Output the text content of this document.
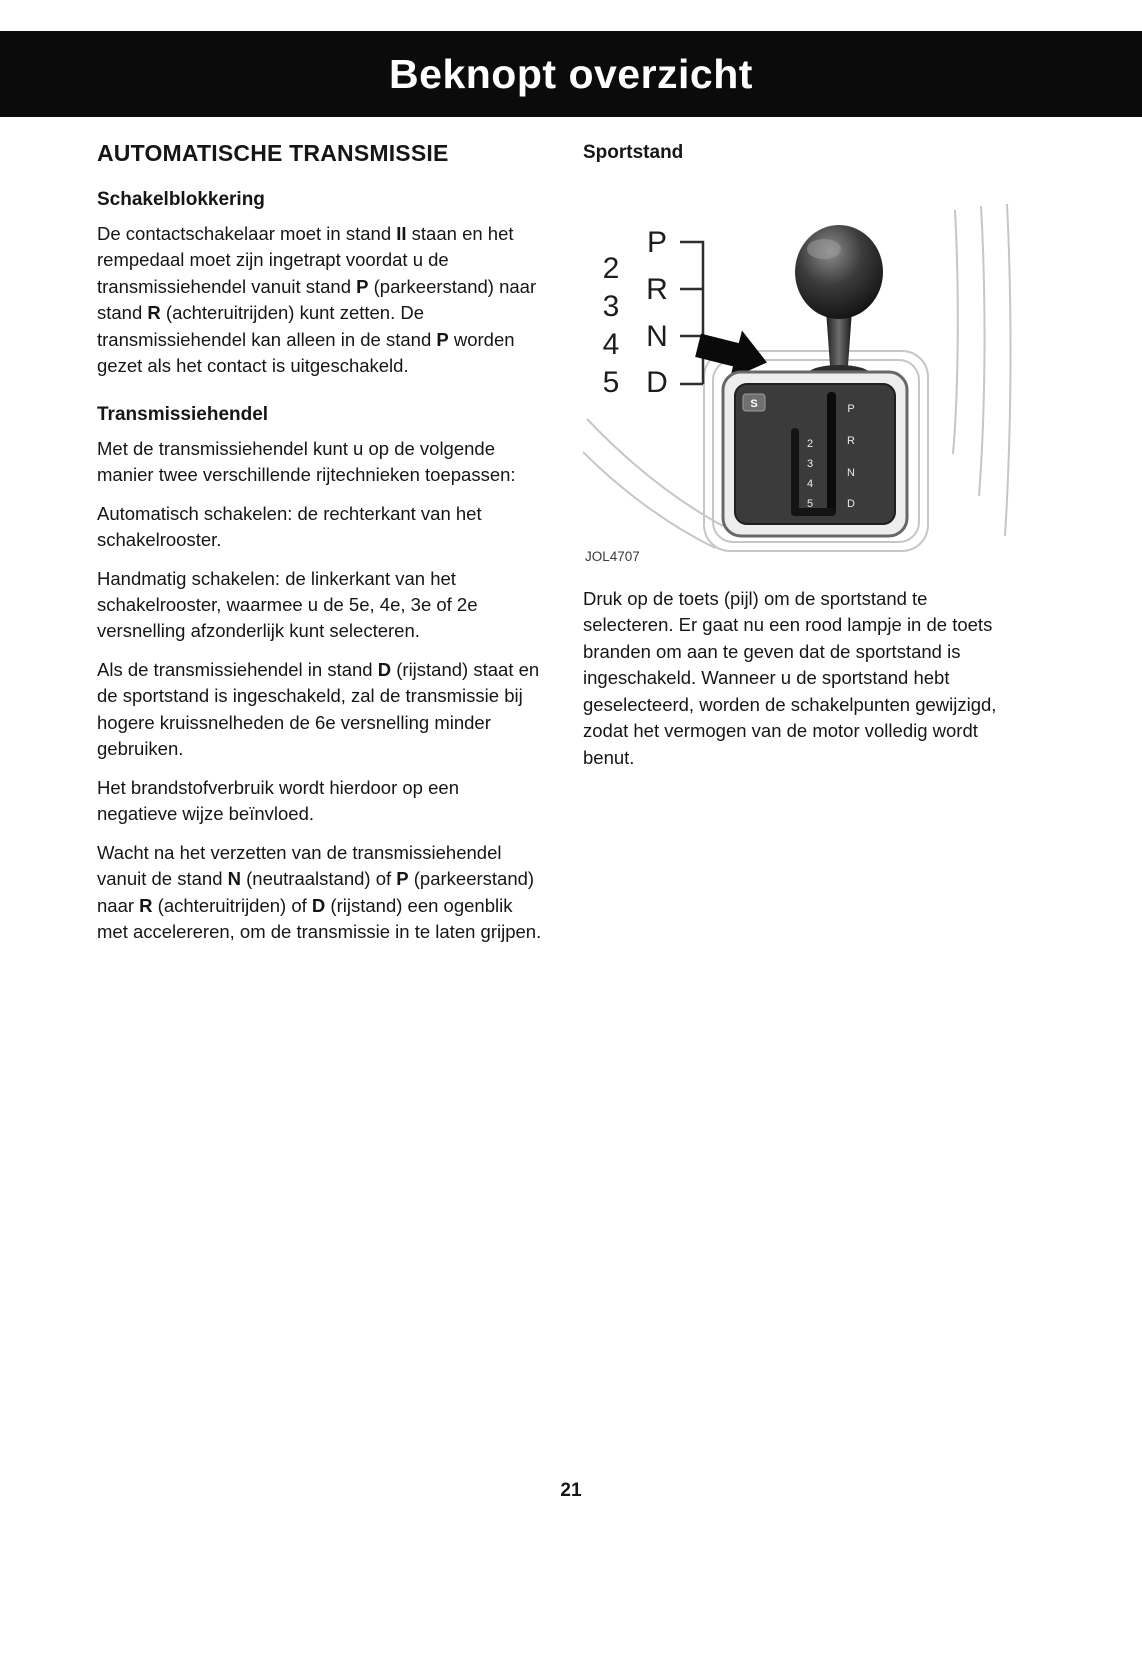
Beknopt overzicht
AUTOMATISCHE TRANSMISSIE
Schakelblokkering

De contactschakelaar moet in stand II staan en het rempedaal moet zijn ingetrapt voordat u de transmissiehendel vanuit stand P (parkeerstand) naar stand R (achteruitrijden) kunt zetten. De transmissiehendel kan alleen in de stand P worden gezet als het contact is uitgeschakeld.

Transmissiehendel

Met de transmissiehendel kunt u op de volgende manier twee verschillende rijtechnieken toepassen:

Automatisch schakelen: de rechterkant van het schakelrooster.

Handmatig schakelen: de linkerkant van het schakelrooster, waarmee u de 5e, 4e, 3e of 2e versnelling afzonderlijk kunt selecteren.

Als de transmissiehendel in stand D (rijstand) staat en de sportstand is ingeschakeld, zal de transmissie bij hogere kruissnelheden de 6e versnelling minder gebruiken.

Het brandstofverbruik wordt hierdoor op een negatieve wijze beïnvloed.

Wacht na het verzetten van de transmissiehendel vanuit de stand N (neutraalstand) of P (parkeerstand) naar R (achteruitrijden) of D (rijstand) een ogenblik met accelereren, om de transmissie in te laten grijpen.

Sportstand
2
3
4
5
P
R
N
D
S
2
3
4
5
P
R
N
D
JOL4707

Druk op de toets (pijl) om de sportstand te selecteren. Er gaat nu een rood lampje in de toets branden om aan te geven dat de sportstand is ingeschakeld. Wanneer u de sportstand hebt geselecteerd, worden de schakelpunten gewijzigd, zodat het vermogen van de motor volledig wordt benut.

21
